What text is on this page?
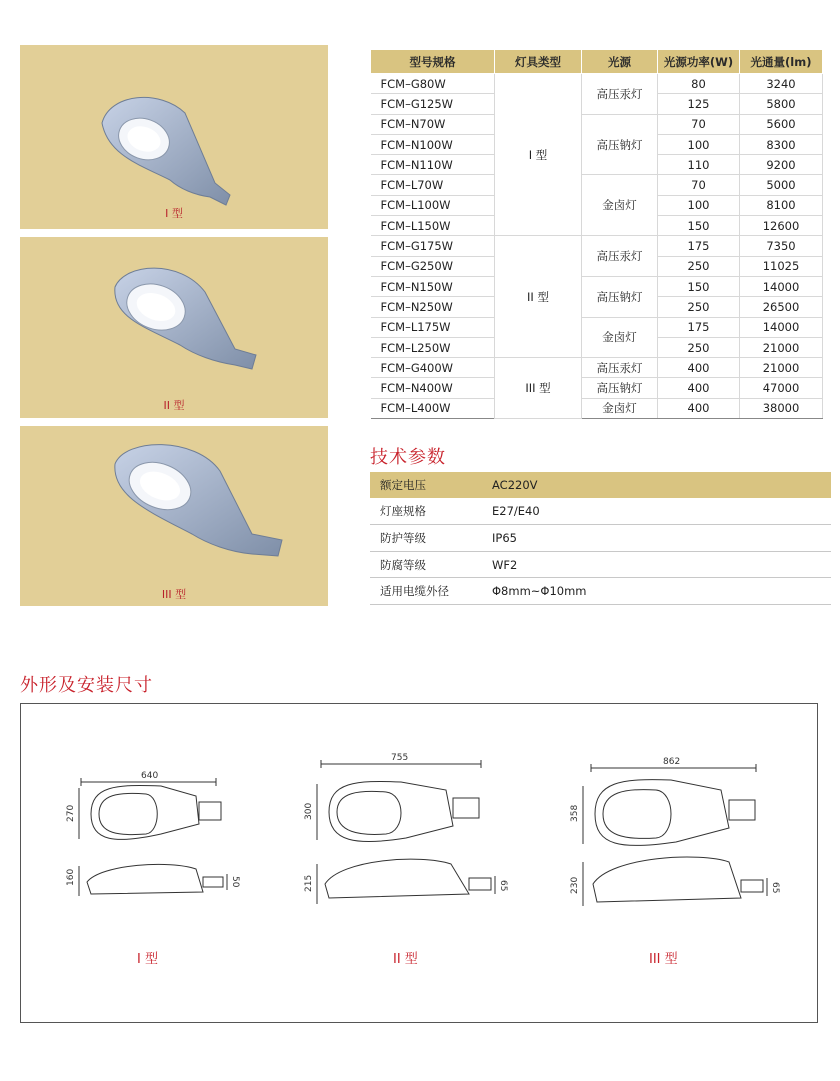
I 型
II 型
III 型
型号规格	灯具类型	光源	光源功率(W)	光通量(lm)
FCM–G80W	I 型	高压汞灯	80	3240
FCM–G125W			125	5800
FCM–N70W		高压钠灯	70	5600
FCM–N100W			100	8300
FCM–N110W			110	9200
FCM–L70W		金卤灯	70	5000
FCM–L100W			100	8100
FCM–L150W			150	12600
FCM–G175W	II 型	高压汞灯	175	7350
FCM–G250W			250	11025
FCM–N150W		高压钠灯	150	14000
FCM–N250W			250	26500
FCM–L175W		金卤灯	175	14000
FCM–L250W			250	21000
FCM–G400W	III 型	高压汞灯	400	21000
FCM–N400W		高压钠灯	400	47000
FCM–L400W		金卤灯	400	38000
技术参数
额定电压	AC220V
灯座规格	E27/E40
防护等级	IP65
防腐等级	WF2
适用电缆外径	Φ8mm~Φ10mm
外形及安装尺寸
640
270
160	50
755
300
215	65
862
358
230	65
I 型	II 型	III 型
